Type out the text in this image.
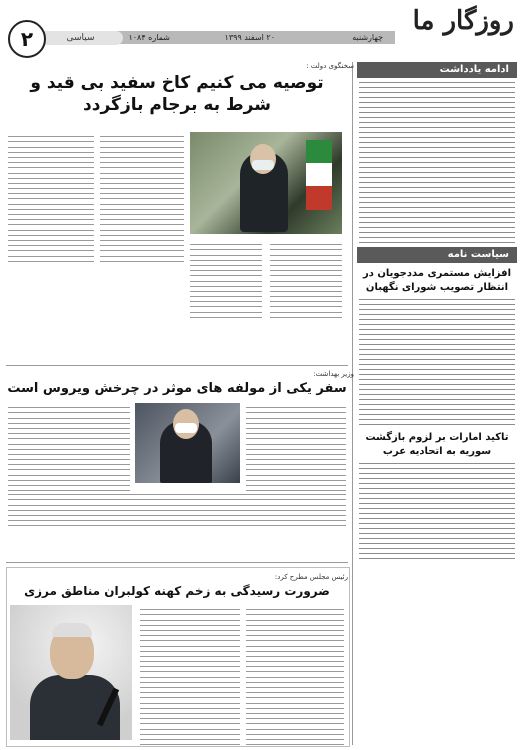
روزگار ما
چهارشنبه
۲۰ اسفند ۱۳۹۹
شماره ۱۰۸۴
سیاسی
۲
ادامه یادداشت
سیاست نامه
افزایش مستمری مددجویان در انتظار تصویب شورای نگهبان
تاکید امارات بر لزوم بازگشت سوریه به اتحادیه عرب
سخنگوی دولت :
توصیه می کنیم کاخ سفید بی قید و شرط به برجام بازگردد
وزیر بهداشت:
سفر یکی از مولفه های موثر در چرخش ویروس است
رئیس مجلس مطرح کرد:
ضرورت رسیدگی به زخم کهنه کولبران مناطق مرزی
